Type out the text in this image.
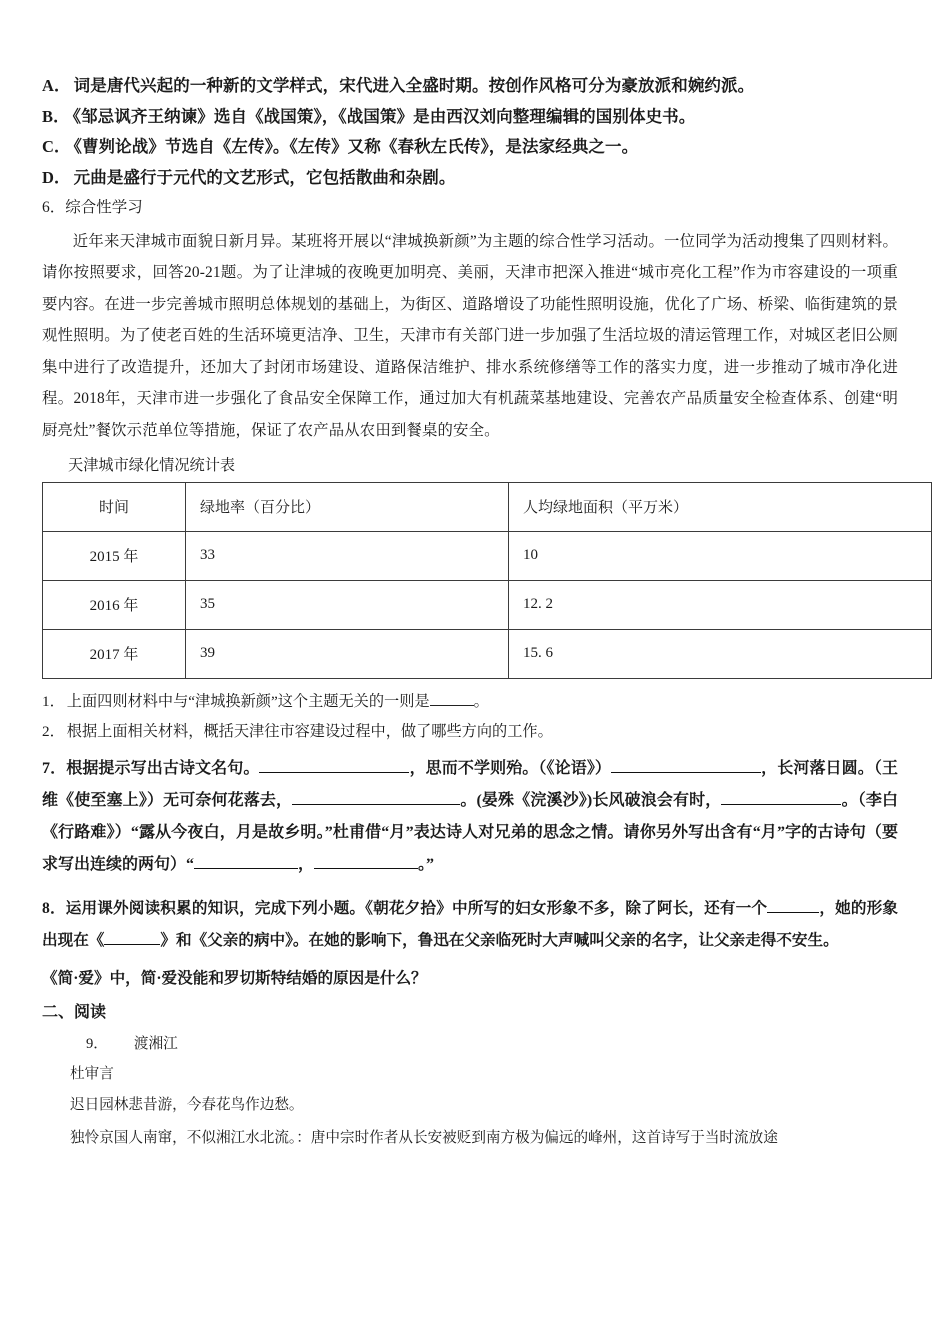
A． 词是唐代兴起的一种新的文学样式，宋代进入全盛时期。按创作风格可分为豪放派和婉约派。
B． 《邹忌讽齐王纳谏》选自《战国策》，《战国策》是由西汉刘向整理编辑的国别体史书。
C． 《曹刿论战》节选自《左传》。《左传》又称《春秋左氏传》，是法家经典之一。
D． 元曲是盛行于元代的文艺形式，它包括散曲和杂剧。
6．综合性学习
近年来天津城市面貌日新月异。某班将开展以“津城换新颜”为主题的综合性学习活动。一位同学为活动搜集了四则材料。请你按照要求，回答20-21题。为了让津城的夜晚更加明亮、美丽，天津市把深入推进“城市亮化工程”作为市容建设的一项重要内容。在进一步完善城市照明总体规划的基础上，为街区、道路增设了功能性照明设施，优化了广场、桥梁、临街建筑的景观性照明。为了使老百姓的生活环境更洁净、卫生，天津市有关部门进一步加强了生活垃圾的清运管理工作，对城区老旧公厕集中进行了改造提升，还加大了封闭市场建设、道路保洁维护、排水系统修缮等工作的落实力度，进一步推动了城市净化进程。2018年，天津市进一步强化了食品安全保障工作，通过加大有机蔬菜基地建设、完善农产品质量安全检查体系、创建“明厨亮灶”餐饮示范单位等措施，保证了农产品从农田到餐桌的安全。
天津城市绿化情况统计表
时间	绿地率（百分比）	人均绿地面积（平万米）
2015 年	33	10
2016 年	35	12. 2
2017 年	39	15. 6
1． 上面四则材料中与“津城换新颜”这个主题无关的一则是	。
2． 根据上面相关材料，概括天津往市容建设过程中，做了哪些方向的工作。
7．根据提示写出古诗文名句。	，思而不学则殆。（《论语》）	，长河落日圆。（王维《使至塞上》）无可奈何花落去，	。(晏殊《浣溪沙》)长风破浪会有时，	。（李白《行路难》）“露从今夜白，月是故乡明。”杜甫借“月”表达诗人对兄弟的思念之情。请你另外写出含有“月”字的古诗句（要求写出连续的两句）“	，	。”
8．运用课外阅读积累的知识，完成下列小题。《朝花夕拾》中所写的妇女形象不多，除了阿长，还有一个	，她的形象出现在《	》和《父亲的病中》。在她的影响下，鲁迅在父亲临死时大声喊叫父亲的名字，让父亲走得不安生。
《简·爱》中，简·爱没能和罗切斯特结婚的原因是什么？
二、阅读
9． 渡湘江
杜审言
迟日园林悲昔游，今春花鸟作边愁。
独怜京国人南窜，不似湘江水北流。：唐中宗时作者从长安被贬到南方极为偏远的峰州，这首诗写于当时流放途
